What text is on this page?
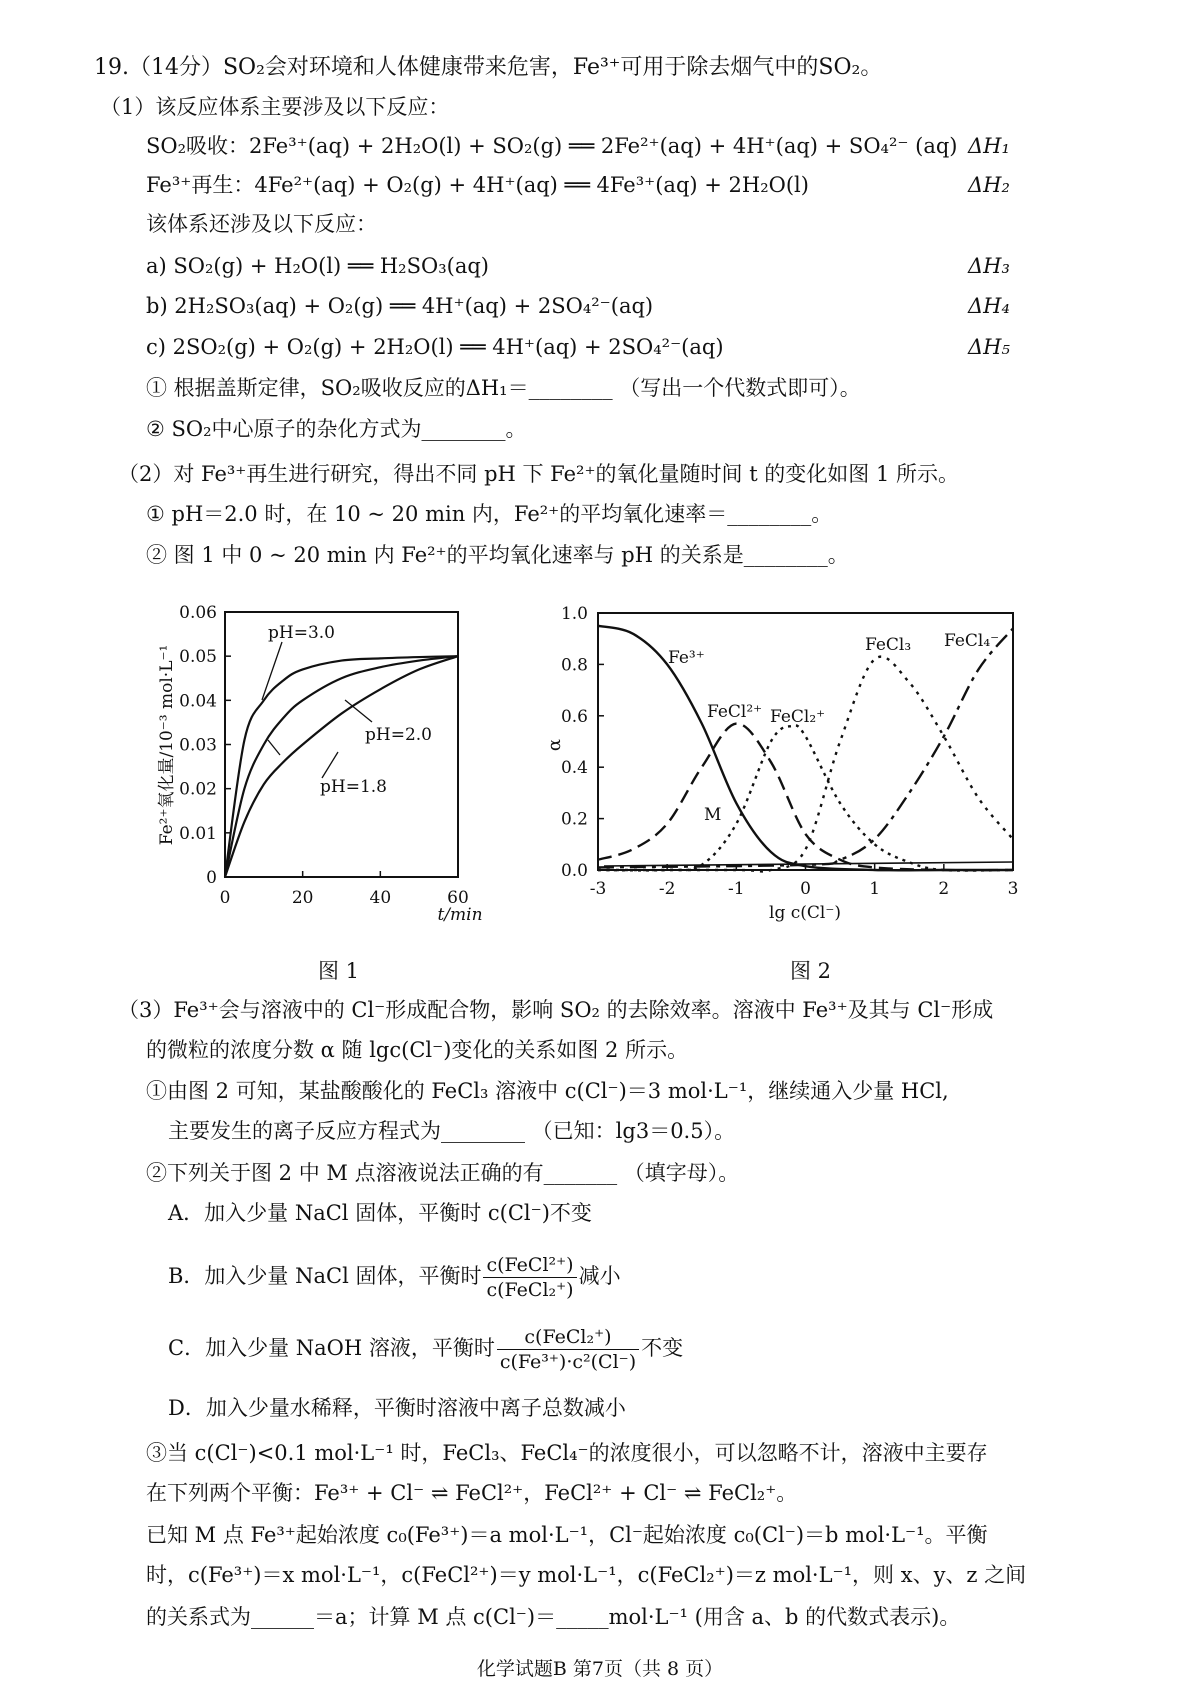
19.（14分）SO₂会对环境和人体健康带来危害，Fe³⁺可用于除去烟气中的SO₂。
（1）该反应体系主要涉及以下反应：
SO₂吸收：2Fe³⁺(aq) + 2H₂O(l) + SO₂(g) ══ 2Fe²⁺(aq) + 4H⁺(aq) + SO₄²⁻ (aq) ΔH₁
Fe³⁺再生：4Fe²⁺(aq) + O₂(g) + 4H⁺(aq) ══ 4Fe³⁺(aq) + 2H₂O(l)	ΔH₂
该体系还涉及以下反应：
a) SO₂(g) + H₂O(l) ══ H₂SO₃(aq)	ΔH₃
b) 2H₂SO₃(aq) + O₂(g) ══ 4H⁺(aq) + 2SO₄²⁻(aq)	ΔH₄
c) 2SO₂(g) + O₂(g) + 2H₂O(l) ══ 4H⁺(aq) + 2SO₄²⁻(aq)	ΔH₅
① 根据盖斯定律，SO₂吸收反应的ΔH₁＝________ （写出一个代数式即可）。
② SO₂中心原子的杂化方式为________。
（2）对 Fe³⁺再生进行研究，得出不同 pH 下 Fe²⁺的氧化量随时间 t 的变化如图 1 所示。
① pH＝2.0 时，在 10 ~ 20 min 内，Fe²⁺的平均氧化速率＝________。
② 图 1 中 0 ~ 20 min 内 Fe²⁺的平均氧化速率与 pH 的关系是________。
0
0.01
0.02
0.03
0.04
0.05
0.06
0	20	40	60
t/min
Fe²⁺氧化量/10⁻³ mol·L⁻¹
pH=3.0
pH=2.0
pH=1.8
图 1
0.0
0.2
0.4
0.6
0.8
1.0
-3	-2	-1	0	1	2	3
lg c(Cl⁻)
α
Fe³⁺
FeCl²⁺ FeCl₂⁺
FeCl₃ FeCl₄⁻
M
图 2
（3）Fe³⁺会与溶液中的 Cl⁻形成配合物，影响 SO₂ 的去除效率。溶液中 Fe³⁺及其与 Cl⁻形成
的微粒的浓度分数 α 随 lgc(Cl⁻)变化的关系如图 2 所示。
①由图 2 可知，某盐酸酸化的 FeCl₃ 溶液中 c(Cl⁻)＝3 mol·L⁻¹，继续通入少量 HCl,
主要发生的离子反应方程式为________ （已知：lg3＝0.5）。
②下列关于图 2 中 M 点溶液说法正确的有_______ （填字母）。
A．加入少量 NaCl 固体，平衡时 c(Cl⁻)不变
B．加入少量 NaCl 固体，平衡时 $\frac{\text{c(FeCl²⁺)}}{\text{c(FeCl₂⁺)}}$ 减小
C．加入少量 NaOH 溶液，平衡时 $\frac{\text{c(FeCl₂⁺)}}{\text{c(Fe³⁺)·c²(Cl⁻)}}$ 不变
D．加入少量水稀释，平衡时溶液中离子总数减小
③当 c(Cl⁻)<0.1 mol·L⁻¹ 时，FeCl₃、FeCl₄⁻的浓度很小，可以忽略不计，溶液中主要存
在下列两个平衡：Fe³⁺ + Cl⁻ ⇌ FeCl²⁺，FeCl²⁺ + Cl⁻ ⇌ FeCl₂⁺。
已知 M 点 Fe³⁺起始浓度 c₀(Fe³⁺)＝a mol·L⁻¹，Cl⁻起始浓度 c₀(Cl⁻)＝b mol·L⁻¹。平衡
时，c(Fe³⁺)＝x mol·L⁻¹，c(FeCl²⁺)＝y mol·L⁻¹，c(FeCl₂⁺)＝z mol·L⁻¹，则 x、y、z 之间
的关系式为______＝a；计算 M 点 c(Cl⁻)＝_____mol·L⁻¹ (用含 a、b 的代数式表示)。
化学试题B 第7页（共 8 页）
